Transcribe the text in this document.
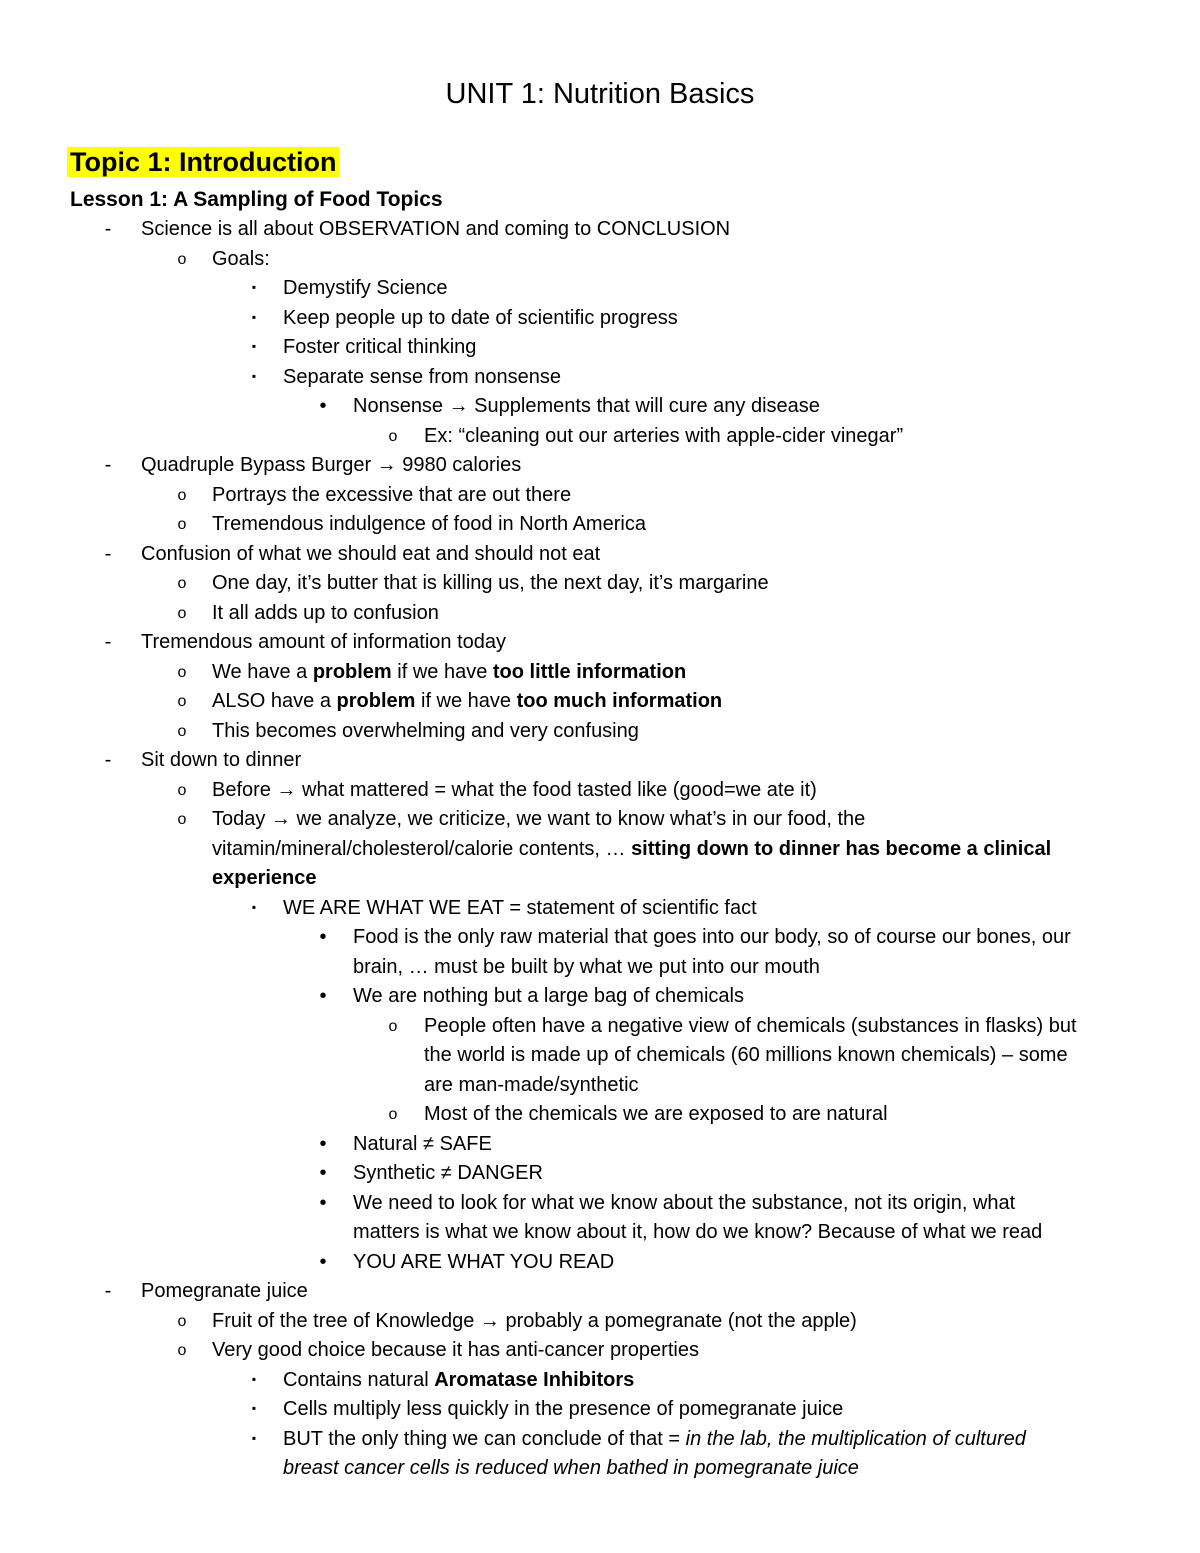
UNIT 1: Nutrition Basics
Topic 1: Introduction
Lesson 1: A Sampling of Food Topics
-	Science is all about OBSERVATION and coming to CONCLUSION
o	Goals:
▪	Demystify Science
▪	Keep people up to date of scientific progress
▪	Foster critical thinking
▪	Separate sense from nonsense
•	Nonsense → Supplements that will cure any disease
o	Ex: “cleaning out our arteries with apple-cider vinegar”
-	Quadruple Bypass Burger → 9980 calories
o	Portrays the excessive that are out there
o	Tremendous indulgence of food in North America
-	Confusion of what we should eat and should not eat
o	One day, it’s butter that is killing us, the next day, it’s margarine
o	It all adds up to confusion
-	Tremendous amount of information today
o	We have a problem if we have too little information
o	ALSO have a problem if we have too much information
o	This becomes overwhelming and very confusing
-	Sit down to dinner
o	Before → what mattered = what the food tasted like (good=we ate it)
o	Today → we analyze, we criticize, we want to know what’s in our food, the
vitamin/mineral/cholesterol/calorie contents, … sitting down to dinner has become a clinical
experience
▪	WE ARE WHAT WE EAT = statement of scientific fact
•	Food is the only raw material that goes into our body, so of course our bones, our
brain, … must be built by what we put into our mouth
•	We are nothing but a large bag of chemicals
o	People often have a negative view of chemicals (substances in flasks) but
the world is made up of chemicals (60 millions known chemicals) – some
are man-made/synthetic
o	Most of the chemicals we are exposed to are natural
•	Natural ≠ SAFE
•	Synthetic ≠ DANGER
•	We need to look for what we know about the substance, not its origin, what
matters is what we know about it, how do we know? Because of what we read
•	YOU ARE WHAT YOU READ
-	Pomegranate juice
o	Fruit of the tree of Knowledge → probably a pomegranate (not the apple)
o	Very good choice because it has anti-cancer properties
▪	Contains natural Aromatase Inhibitors
▪	Cells multiply less quickly in the presence of pomegranate juice
▪	BUT the only thing we can conclude of that = in the lab, the multiplication of cultured
breast cancer cells is reduced when bathed in pomegranate juice
